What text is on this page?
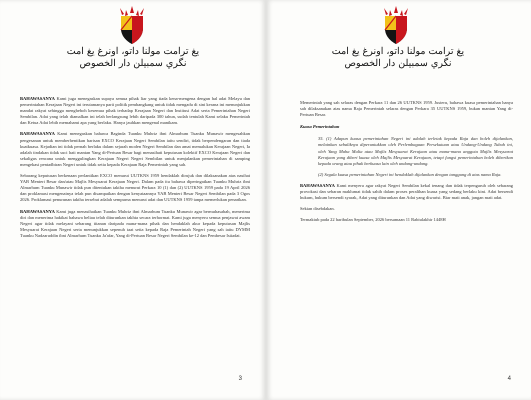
يغ ترامت مولنا داتو، اونرغ يغ امت
نگري سمبيلن دار الخصوص

BAHAWASANYA Kami juga menegaskan supaya semua pihak liar yang tiada kena-mengena dengan hal adat Melayu dan pemerintahan Kerajaan Negeri ini terutamanya parti politik pembangkang untuk tidak mengadu di sini kerana ini menunjukkan mandat rakyat sehingga mengheboh kesemua pihak terhadap Kerajaan Negeri dan Institusi Adat serta Pemerintahan Negeri Sembilan. Adat yang telah diamalkan ini telah berlangsung lebih daripada 300 tahun, sudah tentulah Kami selaku Pemerintah dan Ketua Adat lebih memahami apa yang berlaku. Hanya jauhkan mengenal manikam.

BAHAWASANYA Kami menegaskan bahawa Baginda Tuanku Muhriz ibni Almarhum Tuanku Munawir mengesahkan pengesanan untuk memberhentikan barisan EXCO Kerajaan Negeri Sembilan iaitu sendiri, tidak berpendengaran dan tiada kuatkuasa. Kejadian ini tidak pernah berlaku dalam sejarah moden Negeri Sembilan dan amat memalukan Kerajaan Negeri, Ia adalah tindakan tidak suci hati mantan Yang di-Pertuan Besar bagi menasihati keputusan kolektif EXCO Kerajaan Negeri dan sekaligus rencana untuk menggulingkan Kerajaan Negeri Negeri Sembilan untuk menjalankan pemerintahan di samping mengekasi pentadbiran Negeri untuk tidak setia kepada Kerajaan Raja Pemerintah yang sah.

Sebarang keputusan berkenaan perlantikan EXCO menurut UUTKNS 1959 hendaklah dirujuk dan dilaksanakan atas nasihat YAB Menteri Besar dan/atau Majlis Mesyuarat Kerajaan Negeri. Dalam pada itu bahawa diperingatkan Tuanku Muhriz ibni Almarhum Tuanku Munawir tidak pun ditentukan taktha menurut Perkara 10 (1) dan (2) UUTKNS 1959 pada 19 April 2026 dan proklamasi mengenainya telah pun disampaikan dengan kenyataannya YAB Menteri Besar Negeri Sembilan pada 3 Ogos 2026. Proklamasi penurunan taktha tersebut adalah sempurna menurut adat dan UUTKNS 1959 tanpa memerlukan penarikan.

BAHAWASANYA Kami juga menasihatkan Tuanku Muhriz ibni Almarhum Tuanku Munawir agar bermuhasabah, menerima diri dan menerima hakikat bahawa beliau telah diturunkan takhta secara terhormat. Kami juga menyeru semua penjawat awam Negeri agar tidak melayani sebarang titanan daripada mana-mana pihak dan hendaklah akur kepada keputusan Majlis Mesyuarat Kerajaan Negeri serta menunjukkan sepenuh taat setia kepada Raja Pemerintah Negeri yang sah iaitu DYMM Tuanku Nadzaruddin ibni Almarhum Tuanku Ja'afar, Yang di-Pertuan Besar Negeri Sembilan ke-12 dan Pembesar Istiadat.

3
يغ ترامت مولنا داتو، اونرغ يغ امت
نگري سمبيلن دار الخصوص

Memerintah yang sah selaras dengan Perkara 11 dan 26 UUTKNS 1959. Justeru, bahawa kuasa pemerintahan hanya sah dilaksanakan atas nama Raja Pemerintah selaras dengan Perkara 35 UUTKNS 1959, bukan mantan Yang di-Pertuan Besar.

Kuasa Pemerintahan

35. (1) Adapun kuasa pemerintahan Negeri ini adalah terletak kepada Raja dan boleh dijalankan, melainkan sebaliknya diperuntukkan oleh Perlembagaan Persekutuan atau Undang-Undang Tubuh ini, oleh Yang Maha Mulia atau Majlis Mesyuarat Kerajaan atau mana-mana anggota Majlis Mesyuarat Kerajaan yang diberi kuasa oleh Majlis Mesyuarat Kerajaan, tetapi fungsi pemerintahan boleh diberikan kepada orang atau pihak berkuasa lain oleh undang-undang.

(2) Segala kuasa pemerintahan Negeri ini hendaklah dijalankan dengan tanggung di atas nama Raja.

BAHAWASANYA Kami menyeru agar rakyat Negeri Sembilan kekal tenang dan tidak terpengaruh oleh sebarang provokasi dan sebaran maklumat tidak sahih dalam proses peralihan kuasa yang sedang berlaku kini. Adat bersendi hukum, hukum bersendi syarak, Adat yang diturunkan dan Adat yang diwarisi. Biar mati anak, jangan mati adat.

Sekian disebdakan.

Termaktub pada 22 haribulan September, 2026 bersamaan 11 Rabiulakhir 1448H

4
